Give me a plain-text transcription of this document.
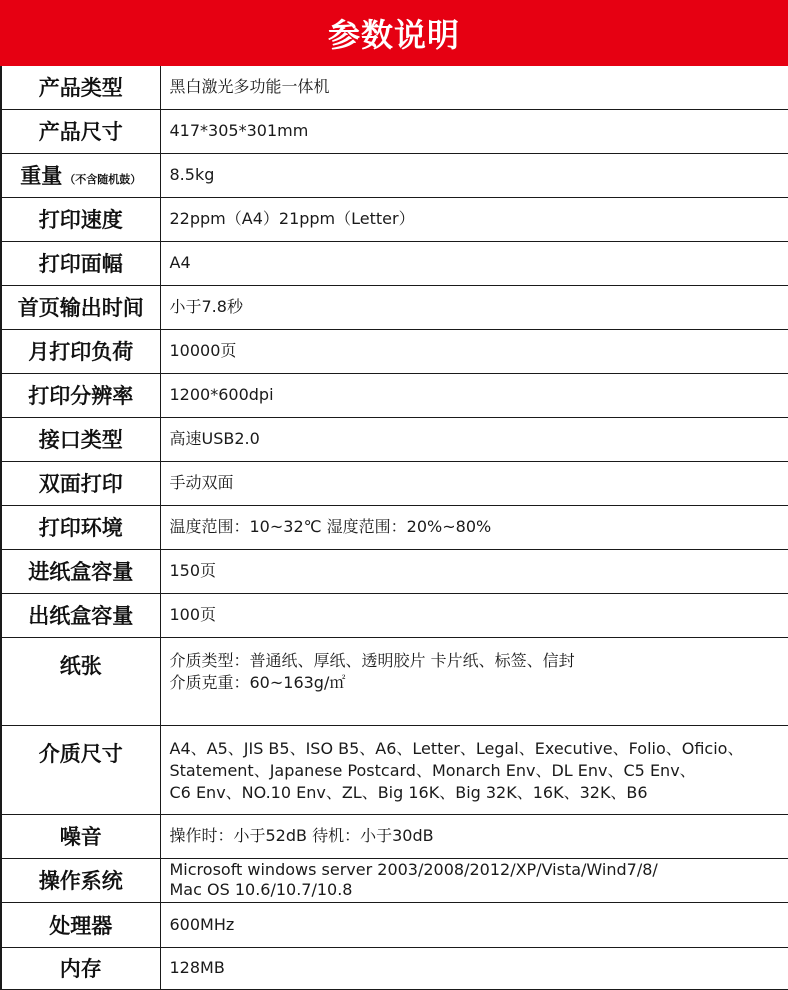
参数说明
产品类型	黑白激光多功能一体机
产品尺寸	417*305*301mm
重量 （不含随机鼓）	8.5kg
打印速度	22ppm（A4）21ppm（Letter）
打印面幅	A4
首页输出时间	小于7.8秒
月打印负荷	10000页
打印分辨率	1200*600dpi
接口类型	高速USB2.0
双面打印	手动双面
打印环境	温度范围：10~32℃ 湿度范围：20%~80%
进纸盒容量	150页
出纸盒容量	100页
纸张	介质类型：普通纸、厚纸、透明胶片 卡片纸、标签、信封
介质克重：60~163g/㎡

介质尺寸	A4、A5、JIS B5、ISO B5、A6、Letter、Legal、Executive、Folio、Oficio、
Statement、Japanese Postcard、Monarch Env、DL Env、C5 Env、
C6 Env、NO.10 Env、ZL、Big 16K、Big 32K、16K、32K、B6

噪音	操作时：小于52dB 待机：小于30dB
操作系统	Microsoft windows server 2003/2008/2012/XP/Vista/Wind7/8/
Mac OS 10.6/10.7/10.8

处理器	600MHz
内存	128MB
